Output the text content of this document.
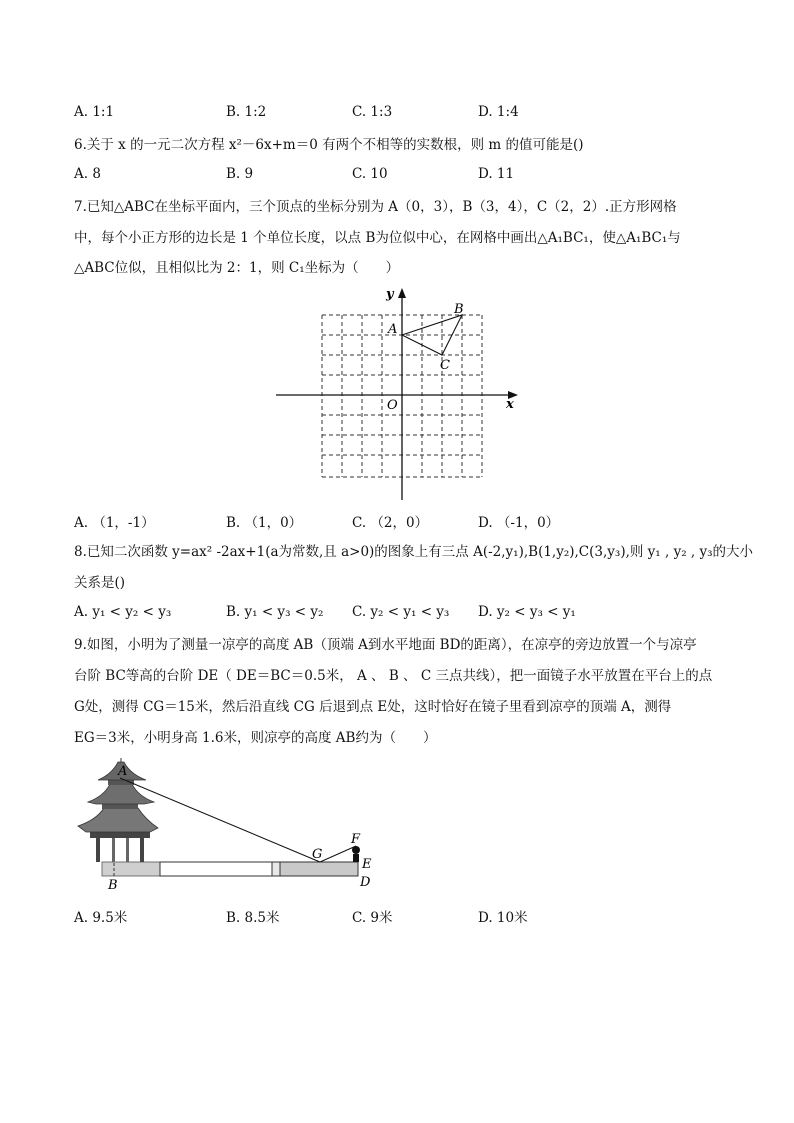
A. 1:1	B. 1:2	C. 1:3	D. 1:4
6.关于 x 的一元二次方程 x²－6x+m＝0 有两个不相等的实数根，则 m 的值可能是()
A. 8	B. 9	C. 10	D. 11
7.已知△ABC在坐标平面内，三个顶点的坐标分别为 A（0，3），B（3，4），C（2，2）.正方形网格
中，每个小正方形的边长是 1 个单位长度，以点 B为位似中心，在网格中画出△A₁BC₁，使△A₁BC₁与
△ABC位似，且相似比为 2：1，则 C₁坐标为（　　）
x
y
O
A
B
C
A. （1，-1）	B. （1，0）	C. （2，0）	D. （-1，0）
8.已知二次函数 y=ax² -2ax+1(a为常数,且 a>0)的图象上有三点 A(-2,y₁),B(1,y₂),C(3,y₃),则 y₁ , y₂ , y₃的大小
关系是()
A. y₁ < y₂ < y₃	B. y₁ < y₃ < y₂ C. y₂ < y₁ < y₃ D. y₂ < y₃ < y₁
9.如图，小明为了测量一凉亭的高度 AB（顶端 A到水平地面 BD的距离），在凉亭的旁边放置一个与凉亭
台阶 BC等高的台阶 DE（ DE＝BC＝0.5米， A 、 B 、 C 三点共线），把一面镜子水平放置在平台上的点
G处，测得 CG＝15米，然后沿直线 CG 后退到点 E处，这时恰好在镜子里看到凉亭的顶端 A，测得
EG＝3米，小明身高 1.6米，则凉亭的高度 AB约为（　　）
A
B
G
F
E
D
A. 9.5米	B. 8.5米	C. 9米	D. 10米
